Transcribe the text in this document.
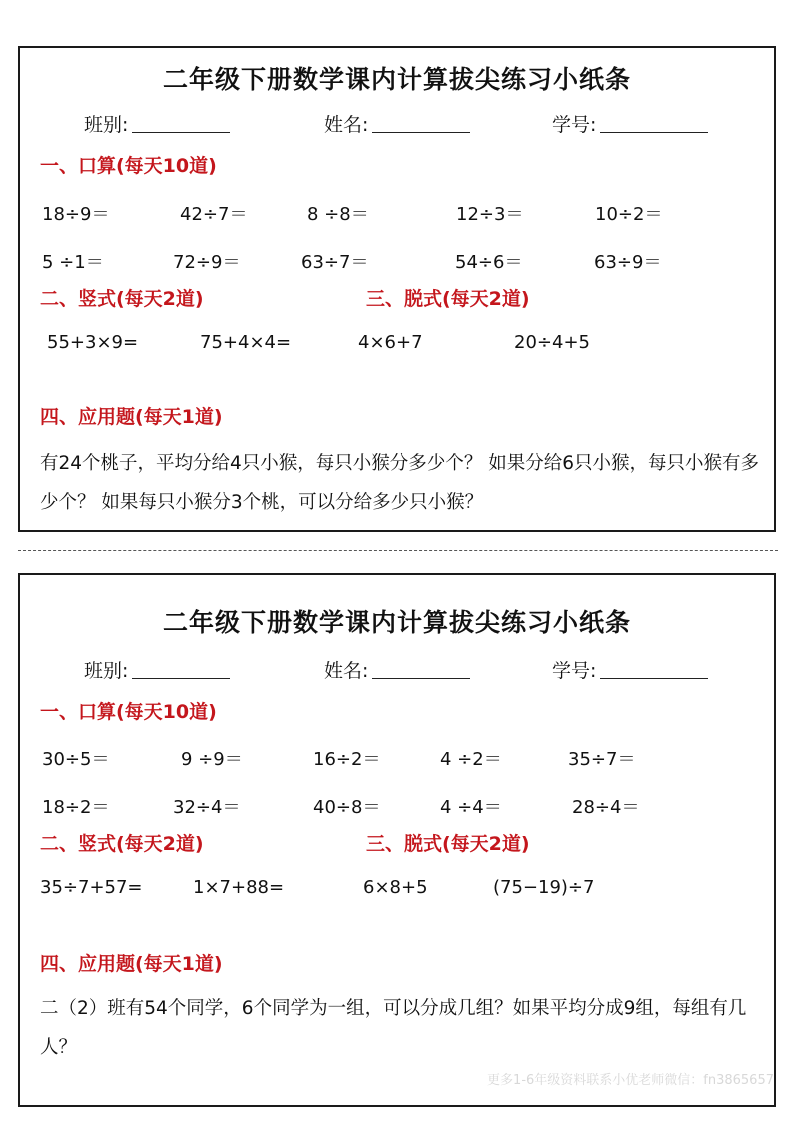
二年级下册数学课内计算拔尖练习小纸条
班别:	姓名:	学号:
一、口算(每天10道)
18÷9＝	42÷7＝	8 ÷8＝	12÷3＝	10÷2＝
5 ÷1＝	72÷9＝	63÷7＝	54÷6＝	63÷9＝
二、竖式(每天2道)	三、脱式(每天2道)
55+3×9=	75+4×4=	4×6+7	20÷4+5
四、应用题(每天1道)
有24个桃子，平均分给4只小猴，每只小猴分多少个？ 如果分给6只小猴，每只小猴有多少个？ 如果每只小猴分3个桃，可以分给多少只小猴？
二年级下册数学课内计算拔尖练习小纸条
班别:	姓名:	学号:
一、口算(每天10道)
30÷5＝	9 ÷9＝	16÷2＝	4 ÷2＝	35÷7＝
18÷2＝	32÷4＝	40÷8＝	4 ÷4＝	28÷4＝
二、竖式(每天2道)	三、脱式(每天2道)
35÷7+57=	1×7+88=	6×8+5	(75−19)÷7
四、应用题(每天1道)
二（2）班有54个同学，6个同学为一组，可以分成几组？如果平均分成9组，每组有几人？
更多1-6年级资料联系小优老师微信：fn3865657
